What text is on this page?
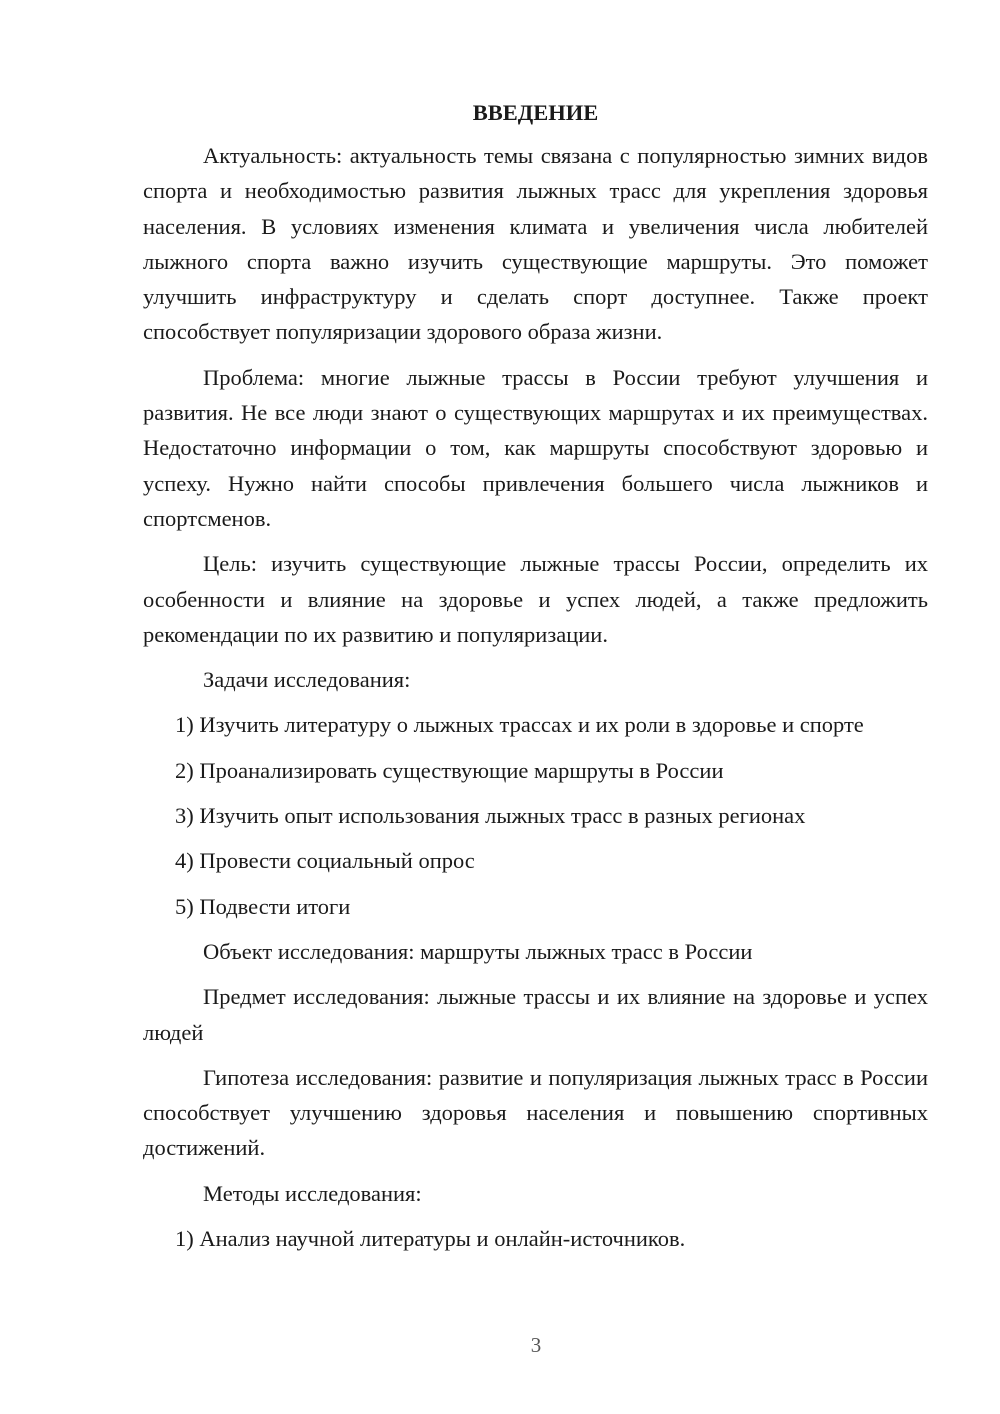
ВВЕДЕНИЕ

Актуальность: актуальность темы связана с популярностью зимних видов спорта и необходимостью развития лыжных трасс для укрепления здоровья населения. В условиях изменения климата и увеличения числа любителей лыжного спорта важно изучить существующие маршруты. Это поможет улучшить инфраструктуру и сделать спорт доступнее. Также проект способствует популяризации здорового образа жизни.

Проблема: многие лыжные трассы в России требуют улучшения и развития. Не все люди знают о существующих маршрутах и их преимуществах. Недостаточно информации о том, как маршруты способствуют здоровью и успеху. Нужно найти способы привлечения большего числа лыжников и спортсменов.

Цель: изучить существующие лыжные трассы России, определить их особенности и влияние на здоровье и успех людей, а также предложить рекомендации по их развитию и популяризации.

Задачи исследования:

1) Изучить литературу о лыжных трассах и их роли в здоровье и спорте

2) Проанализировать существующие маршруты в России

3) Изучить опыт использования лыжных трасс в разных регионах

4) Провести социальный опрос

5) Подвести итоги

Объект исследования: маршруты лыжных трасс в России

Предмет исследования: лыжные трассы и их влияние на здоровье и успех людей

Гипотеза исследования: развитие и популяризация лыжных трасс в России способствует улучшению здоровья населения и повышению спортивных достижений.

Методы исследования:

1) Анализ научной литературы и онлайн-источников.

3
